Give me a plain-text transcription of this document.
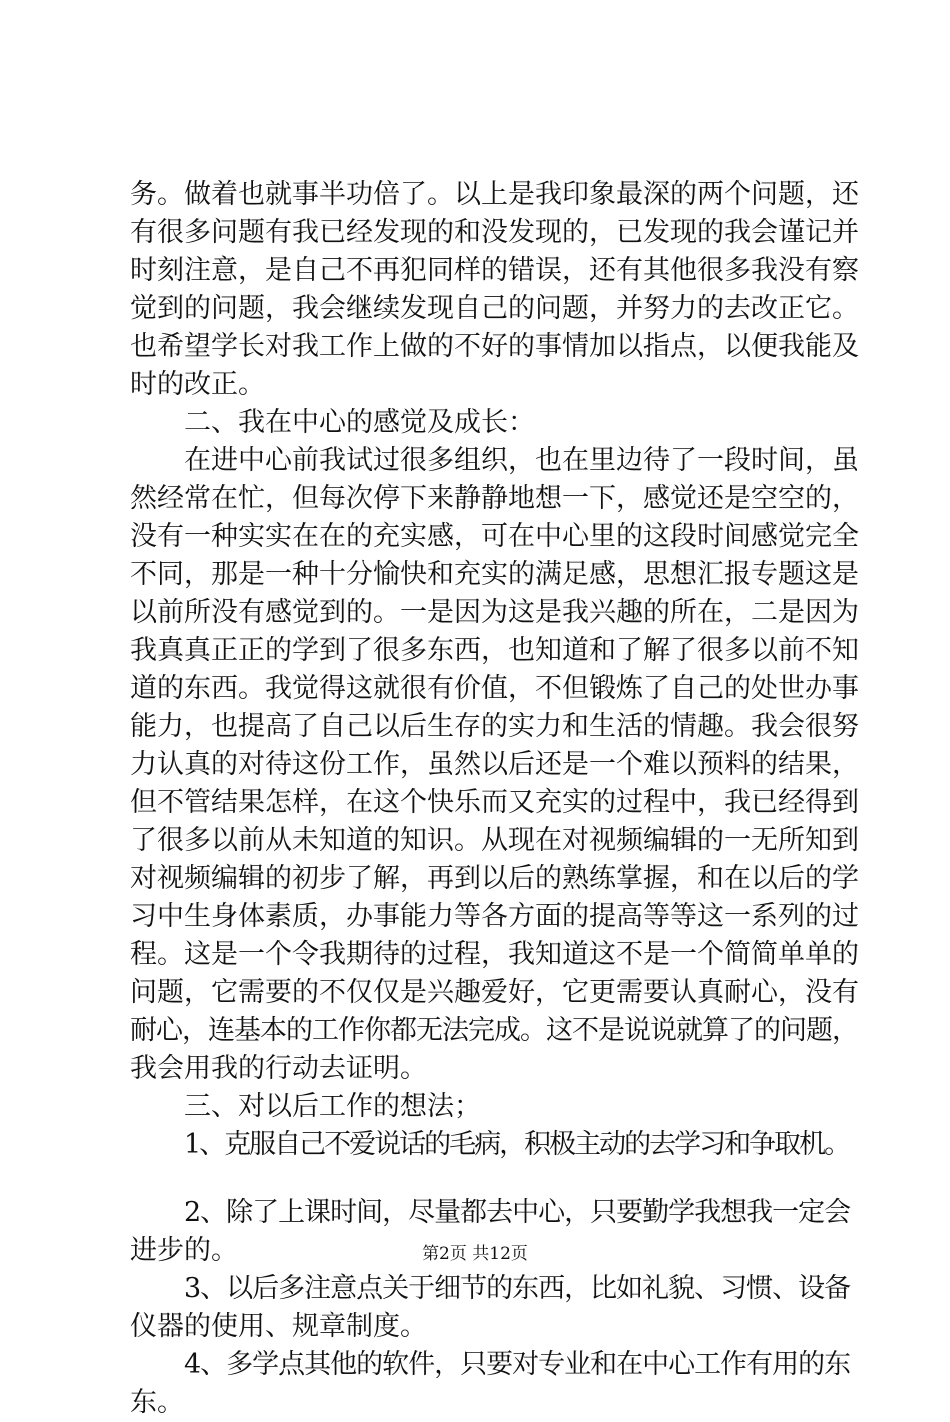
务。做着也就事半功倍了。以上是我印象最深的两个问题，还
有很多问题有我已经发现的和没发现的，已发现的我会谨记并
时刻注意，是自己不再犯同样的错误，还有其他很多我没有察
觉到的问题，我会继续发现自己的问题，并努力的去改正它。
也希望学长对我工作上做的不好的事情加以指点，以便我能及
时的改正。
二、我在中心的感觉及成长：
在进中心前我试过很多组织，也在里边待了一段时间，虽
然经常在忙，但每次停下来静静地想一下，感觉还是空空的，
没有一种实实在在的充实感，可在中心里的这段时间感觉完全
不同，那是一种十分愉快和充实的满足感，思想汇报专题这是
以前所没有感觉到的。一是因为这是我兴趣的所在，二是因为
我真真正正的学到了很多东西，也知道和了解了很多以前不知
道的东西。我觉得这就很有价值，不但锻炼了自己的处世办事
能力，也提高了自己以后生存的实力和生活的情趣。我会很努
力认真的对待这份工作，虽然以后还是一个难以预料的结果，
但不管结果怎样，在这个快乐而又充实的过程中，我已经得到
了很多以前从未知道的知识。从现在对视频编辑的一无所知到
对视频编辑的初步了解，再到以后的熟练掌握，和在以后的学
习中生身体素质，办事能力等各方面的提高等等这一系列的过
程。这是一个令我期待的过程，我知道这不是一个简简单单的
问题，它需要的不仅仅是兴趣爱好，它更需要认真耐心，没有
耐心，连基本的工作你都无法完成。这不是说说就算了的问题，
我会用我的行动去证明。
三、对以后工作的想法；
1、克服自己不爱说话的毛病，积极主动的去学习和争取机。
2、除了上课时间，尽量都去中心，只要勤学我想我一定会
进步的。
3、以后多注意点关于细节的东西，比如礼貌、习惯、设备
仪器的使用、规章制度。
4、多学点其他的软件，只要对专业和在中心工作有用的东
东。
第2页 共12页
